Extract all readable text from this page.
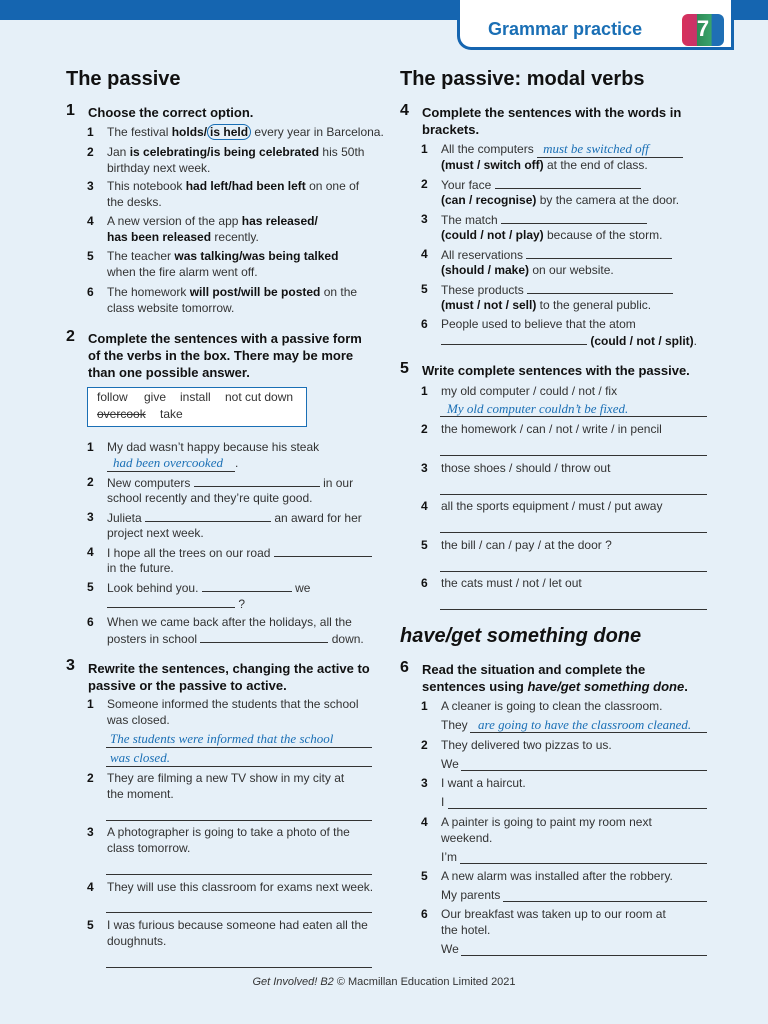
Grammar practice	7
The passive
1 Choose the correct option.
1 The festival holds/ is held every year in Barcelona.
2 Jan is celebrating/is being celebrated his 50th
birthday next week.
3 This notebook had left/had been left on one of
the desks.
4 A new version of the app has released/
has been released recently.
5 The teacher was talking/was being talked
when the fire alarm went off.
6 The homework will post/will be posted on the
class website tomorrow.
2 Complete the sentences with a passive form
of the verbs in the box. There may be more
than one possible answer.
follow give install not cut down
overcook take
1 My dad wasn’t happy because his steak
had been overcooked .
2 New computers	in our
school recently and they’re quite good.
3 Julieta	an award for her
project next week.
4 I hope all the trees on our road
in the future.
5 Look behind you.	we
?
6 When we came back after the holidays, all the
posters in school	down.
3 Rewrite the sentences, changing the active to
passive or the passive to active.
1 Someone informed the students that the school
was closed.
The students were informed that the school
was closed.
2 They are filming a new TV show in my city at
the moment.
3 A photographer is going to take a photo of the
class tomorrow.
4 They will use this classroom for exams next week.
5 I was furious because someone had eaten all the
doughnuts.
The passive: modal verbs
4 Complete the sentences with the words in
brackets.
1 All the computers must be switched off
(must / switch off) at the end of class.
2 Your face
(can / recognise) by the camera at the door.
3 The match
(could / not / play) because of the storm.
4 All reservations
(should / make) on our website.
5 These products
(must / not / sell) to the general public.
6 People used to believe that the atom
(could / not / split).
5 Write complete sentences with the passive.
1 my old computer / could / not / fix
My old computer couldn’t be fixed.
2 the homework / can / not / write / in pencil
3 those shoes / should / throw out
4 all the sports equipment / must / put away
5 the bill / can / pay / at the door ?
6 the cats must / not / let out
have/get something done
6 Read the situation and complete the
sentences using have/get something done.
1 A cleaner is going to clean the classroom.
They are going to have the classroom cleaned.
2 They delivered two pizzas to us.
We
3 I want a haircut.
I
4 A painter is going to paint my room next
weekend.
I’m
5 A new alarm was installed after the robbery.
My parents
6 Our breakfast was taken up to our room at
the hotel.
We
Get Involved! B2 © Macmillan Education Limited 2021
